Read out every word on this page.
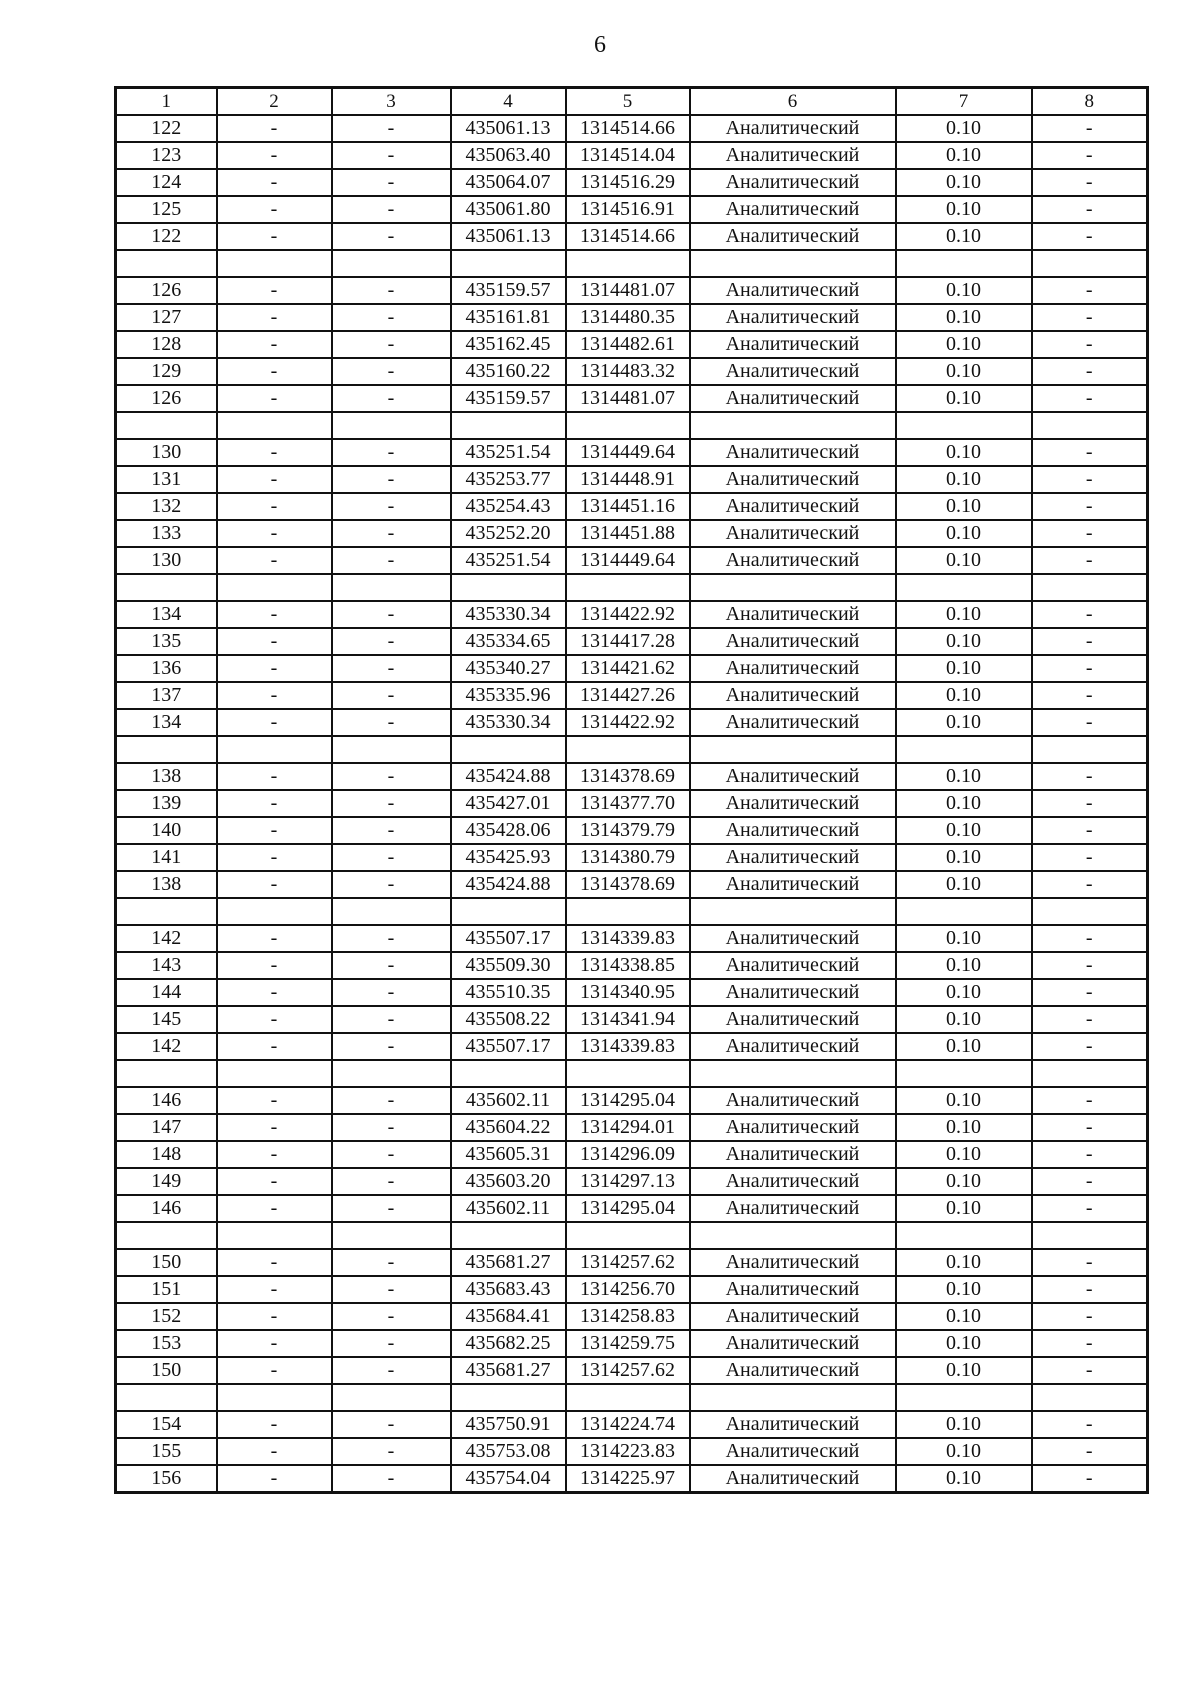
6
1	2	3	4	5	6	7	8
122	-	-	435061.13	1314514.66	Аналитический	0.10	-
123	-	-	435063.40	1314514.04	Аналитический	0.10	-
124	-	-	435064.07	1314516.29	Аналитический	0.10	-
125	-	-	435061.80	1314516.91	Аналитический	0.10	-
122	-	-	435061.13	1314514.66	Аналитический	0.10	-

126	-	-	435159.57	1314481.07	Аналитический	0.10	-
127	-	-	435161.81	1314480.35	Аналитический	0.10	-
128	-	-	435162.45	1314482.61	Аналитический	0.10	-
129	-	-	435160.22	1314483.32	Аналитический	0.10	-
126	-	-	435159.57	1314481.07	Аналитический	0.10	-

130	-	-	435251.54	1314449.64	Аналитический	0.10	-
131	-	-	435253.77	1314448.91	Аналитический	0.10	-
132	-	-	435254.43	1314451.16	Аналитический	0.10	-
133	-	-	435252.20	1314451.88	Аналитический	0.10	-
130	-	-	435251.54	1314449.64	Аналитический	0.10	-

134	-	-	435330.34	1314422.92	Аналитический	0.10	-
135	-	-	435334.65	1314417.28	Аналитический	0.10	-
136	-	-	435340.27	1314421.62	Аналитический	0.10	-
137	-	-	435335.96	1314427.26	Аналитический	0.10	-
134	-	-	435330.34	1314422.92	Аналитический	0.10	-

138	-	-	435424.88	1314378.69	Аналитический	0.10	-
139	-	-	435427.01	1314377.70	Аналитический	0.10	-
140	-	-	435428.06	1314379.79	Аналитический	0.10	-
141	-	-	435425.93	1314380.79	Аналитический	0.10	-
138	-	-	435424.88	1314378.69	Аналитический	0.10	-

142	-	-	435507.17	1314339.83	Аналитический	0.10	-
143	-	-	435509.30	1314338.85	Аналитический	0.10	-
144	-	-	435510.35	1314340.95	Аналитический	0.10	-
145	-	-	435508.22	1314341.94	Аналитический	0.10	-
142	-	-	435507.17	1314339.83	Аналитический	0.10	-

146	-	-	435602.11	1314295.04	Аналитический	0.10	-
147	-	-	435604.22	1314294.01	Аналитический	0.10	-
148	-	-	435605.31	1314296.09	Аналитический	0.10	-
149	-	-	435603.20	1314297.13	Аналитический	0.10	-
146	-	-	435602.11	1314295.04	Аналитический	0.10	-

150	-	-	435681.27	1314257.62	Аналитический	0.10	-
151	-	-	435683.43	1314256.70	Аналитический	0.10	-
152	-	-	435684.41	1314258.83	Аналитический	0.10	-
153	-	-	435682.25	1314259.75	Аналитический	0.10	-
150	-	-	435681.27	1314257.62	Аналитический	0.10	-

154	-	-	435750.91	1314224.74	Аналитический	0.10	-
155	-	-	435753.08	1314223.83	Аналитический	0.10	-
156	-	-	435754.04	1314225.97	Аналитический	0.10	-
